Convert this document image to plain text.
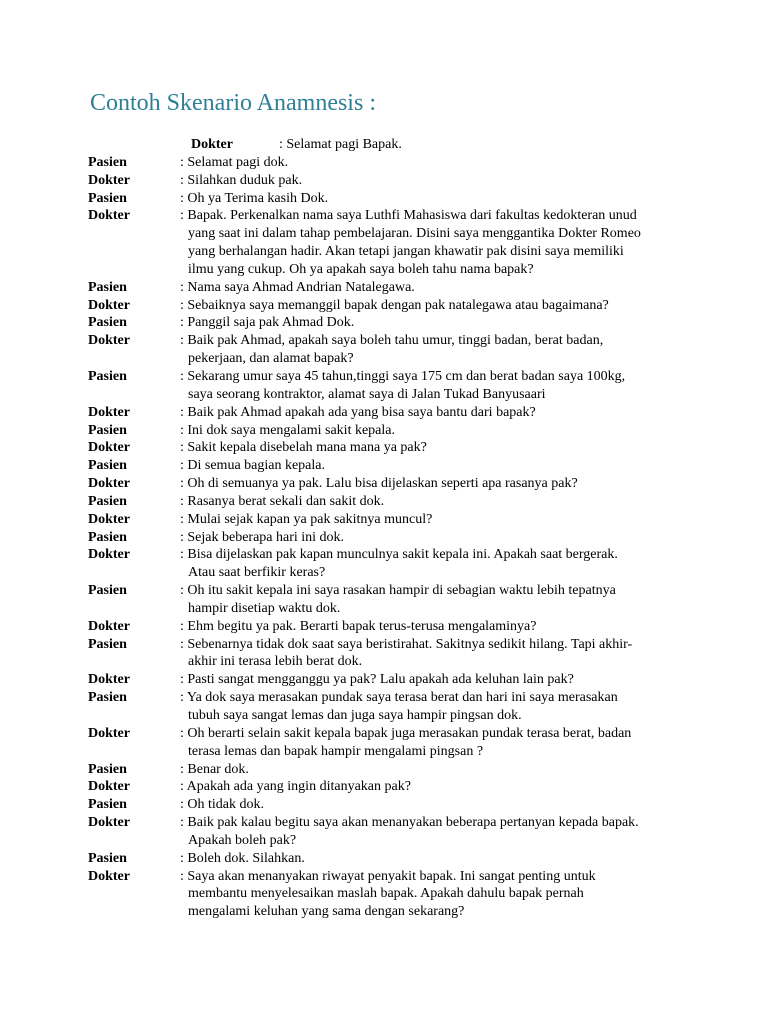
Contoh Skenario Anamnesis :
Dokter	: Selamat pagi Bapak.
Pasien	: Selamat pagi dok.
Dokter	: Silahkan duduk pak.
Pasien	: Oh ya Terima kasih Dok.
Dokter	: Bapak. Perkenalkan nama saya Luthfi Mahasiswa dari fakultas kedokteran unud
yang saat ini dalam tahap pembelajaran. Disini saya menggantika Dokter Romeo
yang berhalangan hadir. Akan tetapi jangan khawatir pak disini saya memiliki
ilmu yang cukup. Oh ya apakah saya boleh tahu nama bapak?
Pasien	: Nama saya Ahmad Andrian Natalegawa.
Dokter	: Sebaiknya saya memanggil bapak dengan pak natalegawa atau bagaimana?
Pasien	: Panggil saja pak Ahmad Dok.
Dokter	: Baik pak Ahmad, apakah saya boleh tahu umur, tinggi badan, berat badan,
pekerjaan, dan alamat bapak?
Pasien	: Sekarang umur saya 45 tahun,tinggi saya 175 cm dan berat badan saya 100kg,
saya seorang kontraktor, alamat saya di Jalan Tukad Banyusaari
Dokter	: Baik pak Ahmad apakah ada yang bisa saya bantu dari bapak?
Pasien	: Ini dok saya mengalami sakit kepala.
Dokter	: Sakit kepala disebelah mana mana ya pak?
Pasien	: Di semua bagian kepala.
Dokter	: Oh di semuanya ya pak. Lalu bisa dijelaskan seperti apa rasanya pak?
Pasien	: Rasanya berat sekali dan sakit dok.
Dokter	: Mulai sejak kapan ya pak sakitnya muncul?
Pasien	: Sejak beberapa hari ini dok.
Dokter	: Bisa dijelaskan pak kapan munculnya sakit kepala ini. Apakah saat bergerak.
Atau saat berfikir keras?
Pasien	: Oh itu sakit kepala ini saya rasakan hampir di sebagian waktu lebih tepatnya
hampir disetiap waktu dok.
Dokter	: Ehm begitu ya pak. Berarti bapak terus-terusa mengalaminya?
Pasien	: Sebenarnya tidak dok saat saya beristirahat. Sakitnya sedikit hilang. Tapi akhir-
akhir ini terasa lebih berat dok.
Dokter	: Pasti sangat mengganggu ya pak? Lalu apakah ada keluhan lain pak?
Pasien	: Ya dok saya merasakan pundak saya terasa berat dan hari ini saya merasakan
tubuh saya sangat lemas dan juga saya hampir pingsan dok.
Dokter	: Oh berarti selain sakit kepala bapak juga merasakan pundak terasa berat, badan
terasa lemas dan bapak hampir mengalami pingsan ?
Pasien	: Benar dok.
Dokter	: Apakah ada yang ingin ditanyakan pak?
Pasien	: Oh tidak dok.
Dokter	: Baik pak kalau begitu saya akan menanyakan beberapa pertanyan kepada bapak.
Apakah boleh pak?
Pasien	: Boleh dok. Silahkan.
Dokter	: Saya akan menanyakan riwayat penyakit bapak. Ini sangat penting untuk
membantu menyelesaikan maslah bapak. Apakah dahulu bapak pernah
mengalami keluhan yang sama dengan sekarang?
